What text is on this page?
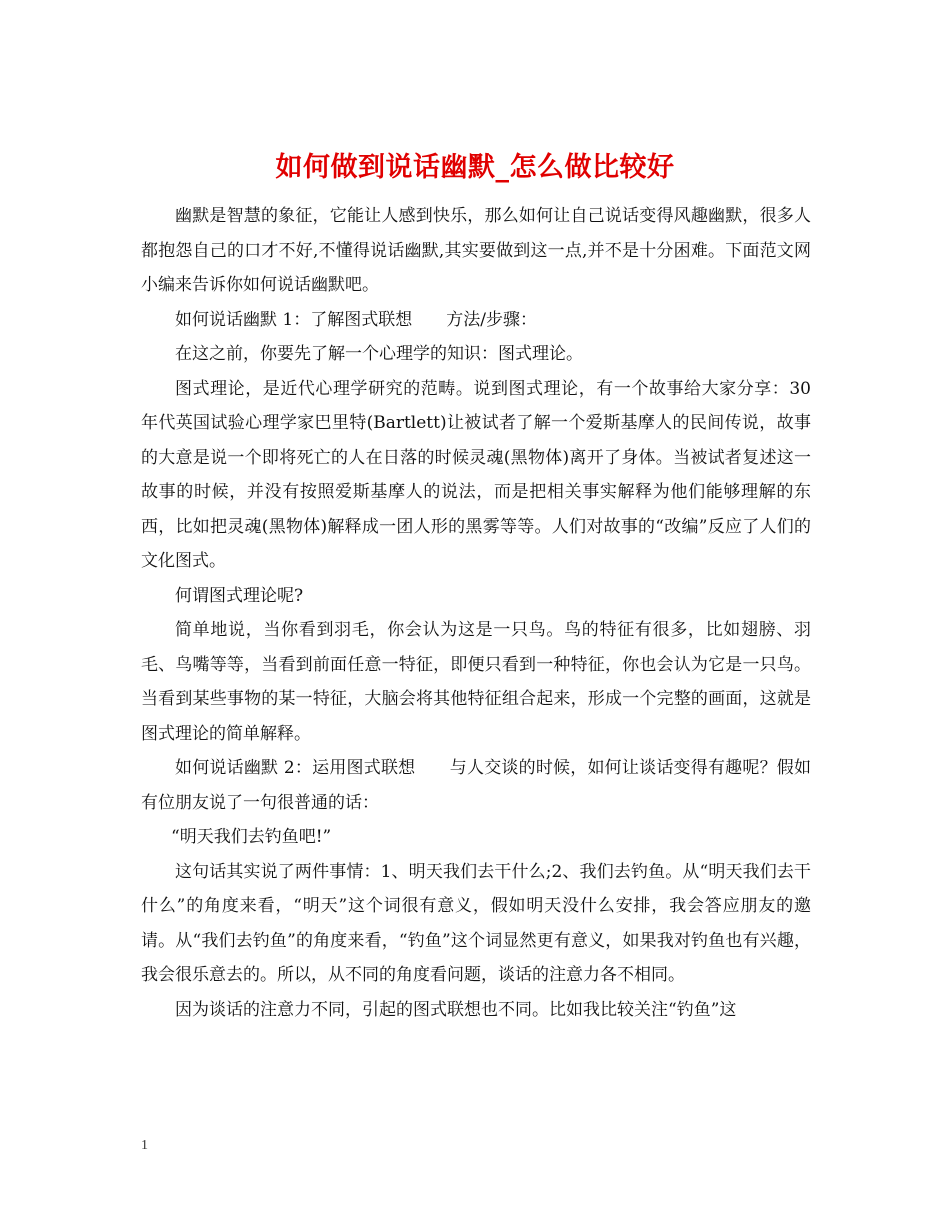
如何做到说话幽默_怎么做比较好

幽默是智慧的象征，它能让人感到快乐，那么如何让自己说话变得风趣幽默，很多人都抱怨自己的口才不好,不懂得说话幽默,其实要做到这一点,并不是十分困难。下面范文网小编来告诉你如何说话幽默吧。

如何说话幽默 1：了解图式联想　　方法/步骤：

在这之前，你要先了解一个心理学的知识：图式理论。

图式理论，是近代心理学研究的范畴。说到图式理论，有一个故事给大家分享：30 年代英国试验心理学家巴里特(Bartlett)让被试者了解一个爱斯基摩人的民间传说，故事的大意是说一个即将死亡的人在日落的时候灵魂(黑物体)离开了身体。当被试者复述这一故事的时候，并没有按照爱斯基摩人的说法，而是把相关事实解释为他们能够理解的东西，比如把灵魂(黑物体)解释成一团人形的黑雾等等。人们对故事的“改编”反应了人们的文化图式。

何谓图式理论呢?

简单地说，当你看到羽毛，你会认为这是一只鸟。鸟的特征有很多，比如翅膀、羽毛、鸟嘴等等，当看到前面任意一特征，即便只看到一种特征，你也会认为它是一只鸟。当看到某些事物的某一特征，大脑会将其他特征组合起来，形成一个完整的画面，这就是图式理论的简单解释。

如何说话幽默 2：运用图式联想　　与人交谈的时候，如何让谈话变得有趣呢？假如有位朋友说了一句很普通的话：

“明天我们去钓鱼吧!”

这句话其实说了两件事情：1、明天我们去干什么;2、我们去钓鱼。从“明天我们去干什么”的角度来看，“明天”这个词很有意义，假如明天没什么安排，我会答应朋友的邀请。从“我们去钓鱼”的角度来看，“钓鱼”这个词显然更有意义，如果我对钓鱼也有兴趣，我会很乐意去的。所以，从不同的角度看问题，谈话的注意力各不相同。

因为谈话的注意力不同，引起的图式联想也不同。比如我比较关注“钓鱼”这

1
